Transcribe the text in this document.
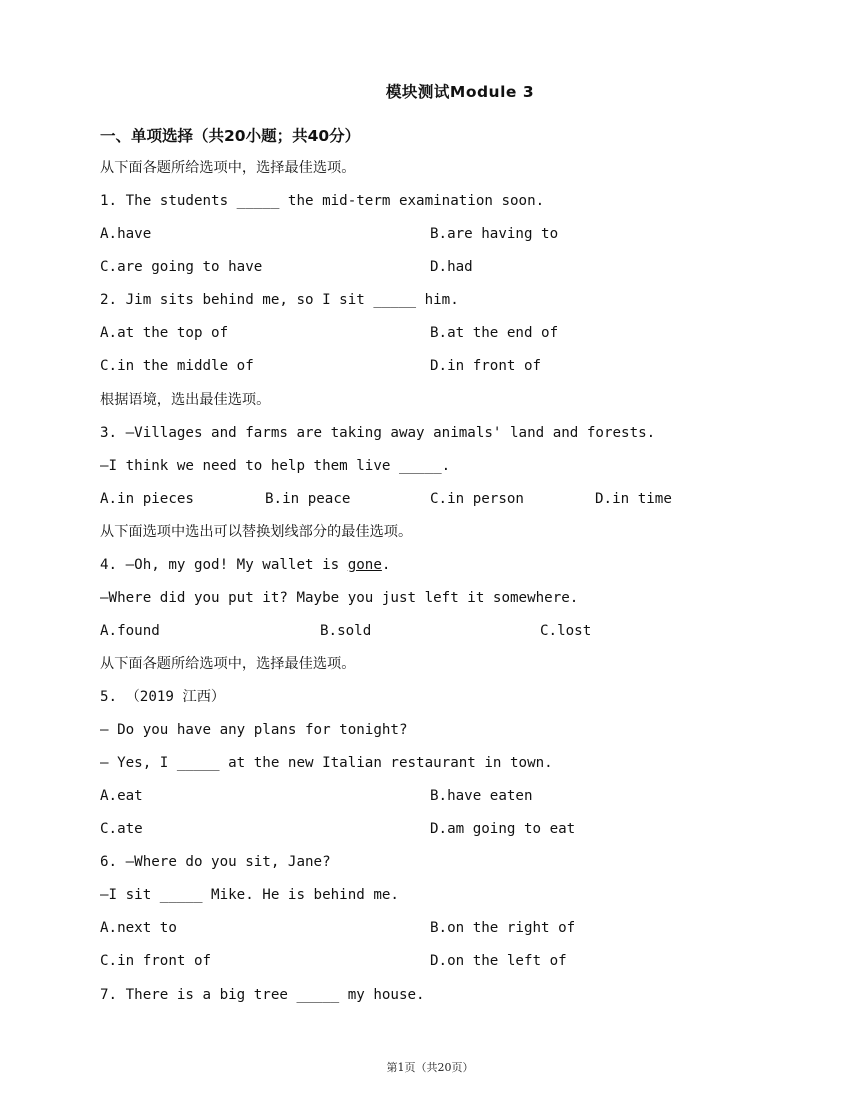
模块测试Module 3
一、单项选择（共20小题；共40分）
从下面各题所给选项中，选择最佳选项。
1. The students _____ the mid-term examination soon.
A.have	B.are having to
C.are going to have	D.had
2. Jim sits behind me, so I sit _____ him.
A.at the top of	B.at the end of
C.in the middle of	D.in front of
根据语境，选出最佳选项。
3. —Villages and farms are taking away animals' land and forests.
—I think we need to help them live _____.
A.in pieces	B.in peace	C.in person	D.in time
从下面选项中选出可以替换划线部分的最佳选项。
4. —Oh, my god! My wallet is gone.
—Where did you put it? Maybe you just left it somewhere.
A.found	B.sold	C.lost
从下面各题所给选项中，选择最佳选项。
5. （2019 江西）
— Do you have any plans for tonight?
— Yes, I _____ at the new Italian restaurant in town.
A.eat	B.have eaten
C.ate	D.am going to eat
6. —Where do you sit, Jane?
—I sit _____ Mike. He is behind me.
A.next to	B.on the right of
C.in front of	D.on the left of
7. There is a big tree _____ my house.
第1页（共20页）
